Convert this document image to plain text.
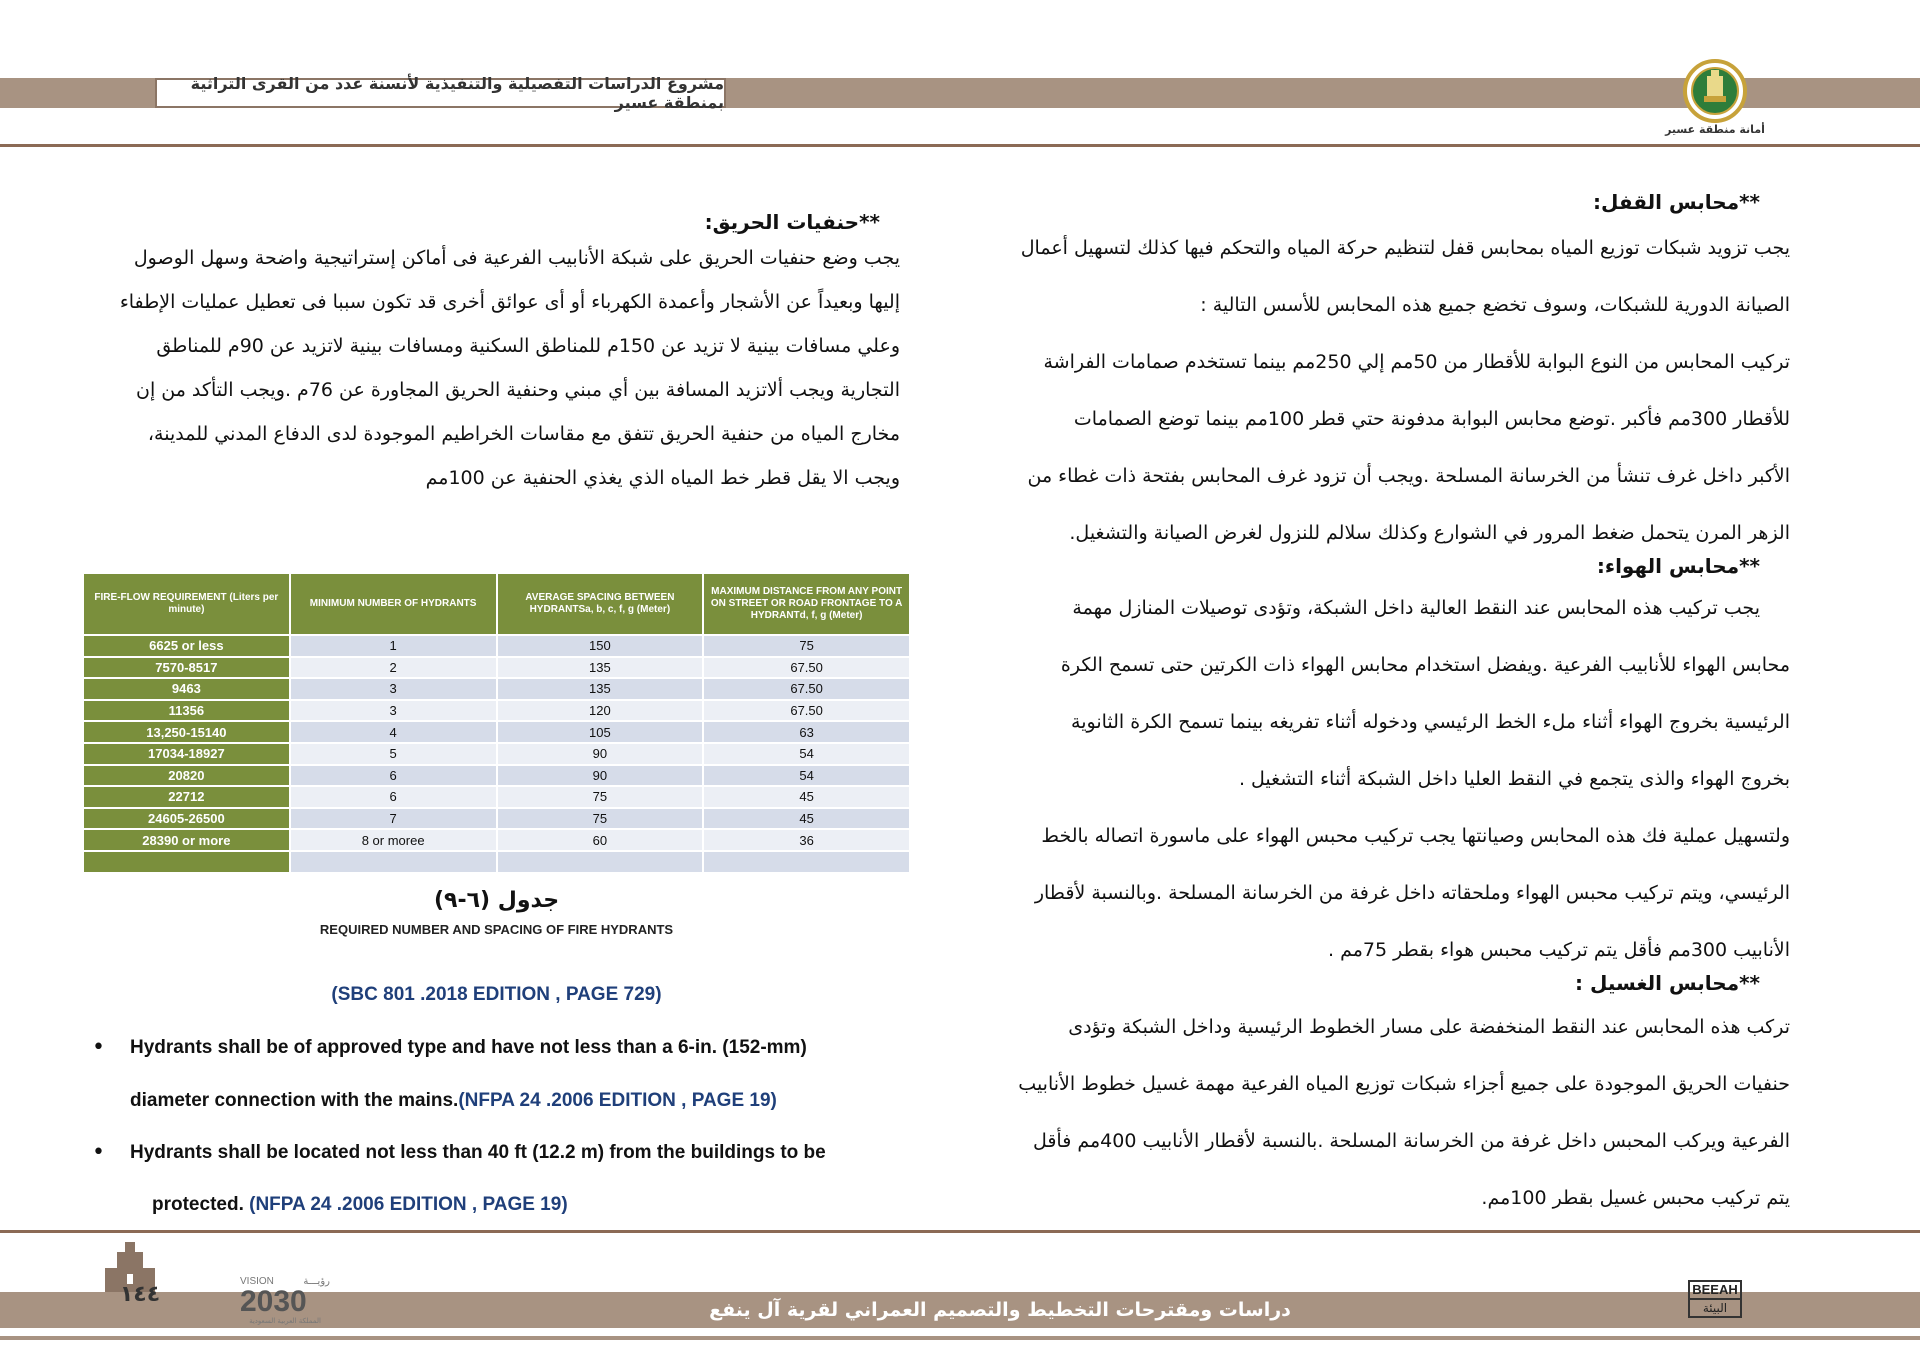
مشروع الدراسات التفصيلية والتنفيذية لأنسنة عدد من القرى التراثية بمنطقة عسير
أمانة منطقة عسير
**محابس القفل:
يجب تزويد شبكات توزيع المياه بمحابس قفل لتنظيم حركة المياه والتحكم فيها كذلك لتسهيل أعمال
الصيانة الدورية للشبكات، وسوف تخضع جميع هذه المحابس للأسس التالية :
تركيب المحابس من النوع البوابة للأقطار من 50مم إلي 250مم بينما تستخدم صمامات الفراشة
للأقطار 300مم فأكبر .توضع محابس البوابة مدفونة حتي قطر 100مم بينما توضع الصمامات
الأكبر داخل غرف تنشأ من الخرسانة المسلحة .ويجب أن تزود غرف المحابس بفتحة ذات غطاء من
الزهر المرن يتحمل ضغط المرور في الشوارع وكذلك سلالم للنزول لغرض الصيانة والتشغيل.
**محابس الهواء:
يجب تركيب هذه المحابس عند النقط العالية داخل الشبكة، وتؤدى توصيلات المنازل مهمة
محابس الهواء للأنابيب الفرعية .ويفضل استخدام محابس الهواء ذات الكرتين حتى تسمح الكرة
الرئيسية بخروج الهواء أثناء ملء الخط الرئيسي ودخوله أثناء تفريغه بينما تسمح الكرة الثانوية
بخروج الهواء والذى يتجمع في النقط العليا داخل الشبكة أثناء التشغيل .
ولتسهيل عملية فك هذه المحابس وصيانتها يجب تركيب محبس الهواء على ماسورة اتصاله بالخط
الرئيسي، ويتم تركيب محبس الهواء وملحقاته داخل غرفة من الخرسانة المسلحة .وبالنسبة لأقطار
الأنابيب 300مم فأقل يتم تركيب محبس هواء بقطر 75مم .
**محابس الغسيل :
تركب هذه المحابس عند النقط المنخفضة على مسار الخطوط الرئيسية وداخل الشبكة وتؤدى
حنفيات الحريق الموجودة على جميع أجزاء شبكات توزيع المياه الفرعية مهمة غسيل خطوط الأنابيب
الفرعية ويركب المحبس داخل غرفة من الخرسانة المسلحة .بالنسبة لأقطار الأنابيب 400مم فأقل
يتم تركيب محبس غسيل بقطر 100مم.
**حنفيات الحريق:
يجب وضع حنفيات الحريق على شبكة الأنابيب الفرعية فى أماكن إستراتيجية واضحة وسهل الوصول
إليها وبعيداً عن الأشجار وأعمدة الكهرباء أو أى عوائق أخرى قد تكون سببا فى تعطيل عمليات الإطفاء
وعلي مسافات بينية لا تزيد عن 150م للمناطق السكنية ومسافات بينية لاتزيد عن 90م للمناطق
التجارية ويجب ألاتزيد المسافة بين أي مبني وحنفية الحريق المجاورة عن 76م .ويجب التأكد من إن
مخارج المياه من حنفية الحريق تتفق مع مقاسات الخراطيم الموجودة لدى الدفاع المدني للمدينة،
ويجب الا يقل قطر خط المياه الذي يغذي الحنفية عن 100مم
FIRE-FLOW REQUIREMENT (Liters per minute)	MINIMUM NUMBER OF HYDRANTS	AVERAGE SPACING BETWEEN HYDRANTSa, b, c, f, g (Meter)	MAXIMUM DISTANCE FROM ANY POINT ON STREET OR ROAD FRONTAGE TO A HYDRANTd, f, g (Meter)
6625 or less	1	150	75
7570-8517	2	135	67.50
9463	3	135	67.50
11356	3	120	67.50
13,250-15140	4	105	63
17034-18927	5	90	54
20820	6	90	54
22712	6	75	45
24605-26500	7	75	45
28390 or more	8 or moree	60	36

جدول (٦-٩)
REQUIRED NUMBER AND SPACING OF FIRE HYDRANTS
(SBC 801 .2018 EDITION , PAGE 729)
• Hydrants shall be of approved type and have not less than a 6-in. (152-mm)
diameter connection with the mains.(NFPA 24 .2006 EDITION , PAGE 19)
• Hydrants shall be located not less than 40 ft (12.2 m) from the buildings to be
protected. (NFPA 24 .2006 EDITION , PAGE 19)
دراسات ومقترحات التخطيط والتصميم العمراني لقرية آل ينفع
١٤٤
VISION	رؤيـــة
2030
المملكة العربية السعودية
BEEAH
البيئة
